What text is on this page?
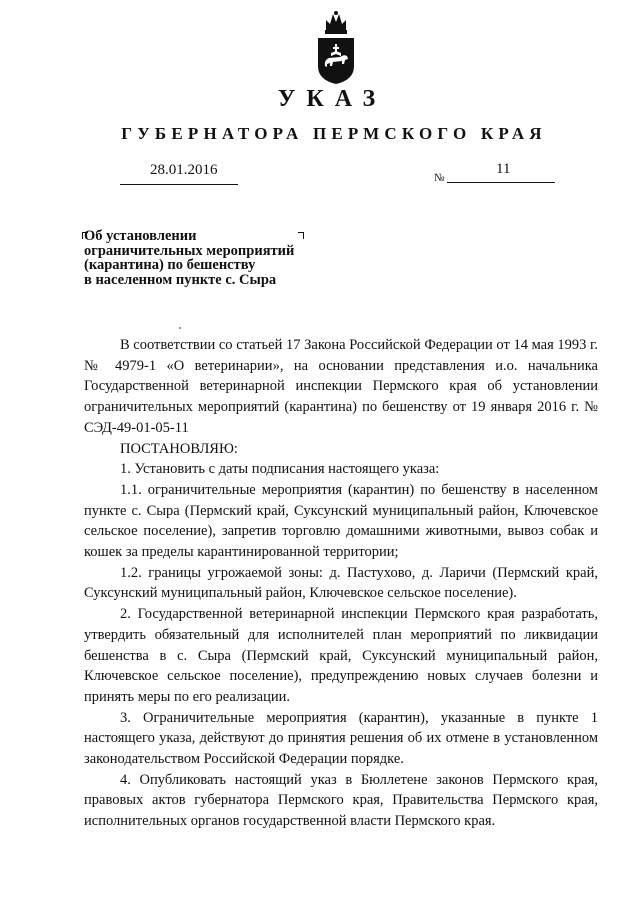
УКАЗ
ГУБЕРНАТОРА ПЕРМСКОГО КРАЯ
28.01.2016	№
11
Об установлении
ограничительных мероприятий
(карантина) по бешенству
в населенном пункте с. Сыра

В соответствии со статьей 17 Закона Российской Федерации от 14 мая 1993 г. № 4979-1 «О ветеринарии», на основании представления и.о. начальника Государственной ветеринарной инспекции Пермского края об установлении ограничительных мероприятий (карантина) по бешенству от 19 января 2016 г. № СЭД-49-01-05-11

ПОСТАНОВЛЯЮ:

1. Установить с даты подписания настоящего указа:

1.1. ограничительные мероприятия (карантин) по бешенству в населенном пункте с. Сыра (Пермский край, Суксунский муниципальный район, Ключевское сельское поселение), запретив торговлю домашними животными, вывоз собак и кошек за пределы карантинированной территории;

1.2. границы угрожаемой зоны: д. Пастухово, д. Ларичи (Пермский край, Суксунский муниципальный район, Ключевское сельское поселение).

2. Государственной ветеринарной инспекции Пермского края разработать, утвердить обязательный для исполнителей план мероприятий по ликвидации бешенства в с. Сыра (Пермский край, Суксунский муниципальный район, Ключевское сельское поселение), предупреждению новых случаев болезни и принять меры по его реализации.

3. Ограничительные мероприятия (карантин), указанные в пункте 1 настоящего указа, действуют до принятия решения об их отмене в установленном законодательством Российской Федерации порядке.

4. Опубликовать настоящий указ в Бюллетене законов Пермского края, правовых актов губернатора Пермского края, Правительства Пермского края, исполнительных органов государственной власти Пермского края.
